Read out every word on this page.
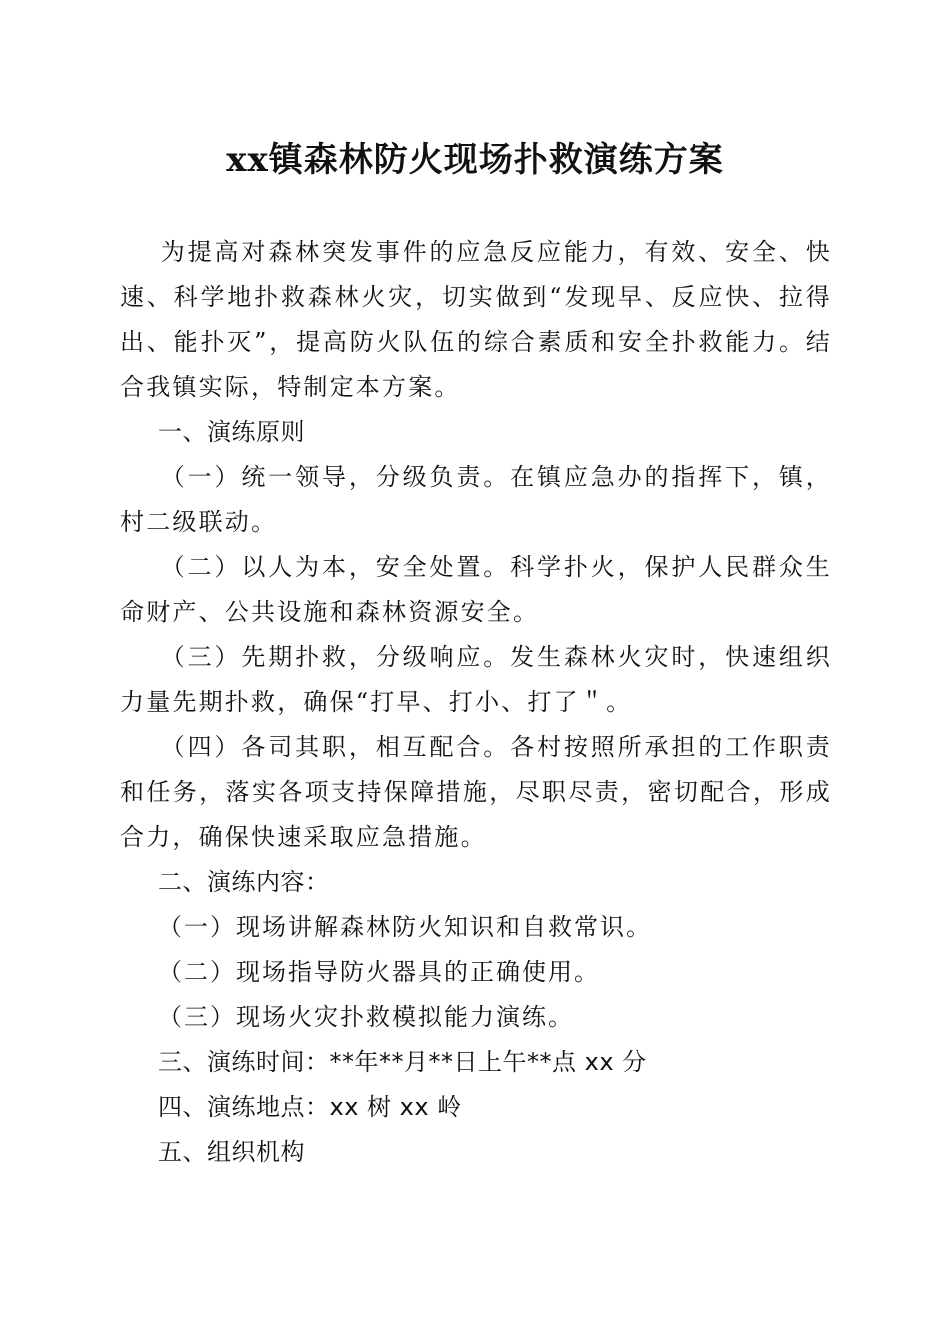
xx镇森林防火现场扑救演练方案

为提高对森林突发事件的应急反应能力，有效、安全、快速、科学地扑救森林火灾，切实做到“发现早、反应快、拉得出、能扑灭”，提高防火队伍的综合素质和安全扑救能力。结合我镇实际，特制定本方案。

一、演练原则

（一）统一领导，分级负责。在镇应急办的指挥下，镇，村二级联动。

（二）以人为本，安全处置。科学扑火，保护人民群众生命财产、公共设施和森林资源安全。

（三）先期扑救，分级响应。发生森林火灾时，快速组织力量先期扑救，确保“打早、打小、打了＂。

（四）各司其职，相互配合。各村按照所承担的工作职责和任务，落实各项支持保障措施，尽职尽责，密切配合，形成合力，确保快速采取应急措施。

二、演练内容：

（一）现场讲解森林防火知识和自救常识。

（二）现场指导防火器具的正确使用。

（三）现场火灾扑救模拟能力演练。

三、演练时间：**年**月**日上午**点 xx 分

四、演练地点：xx 树 xx 岭

五、组织机构
